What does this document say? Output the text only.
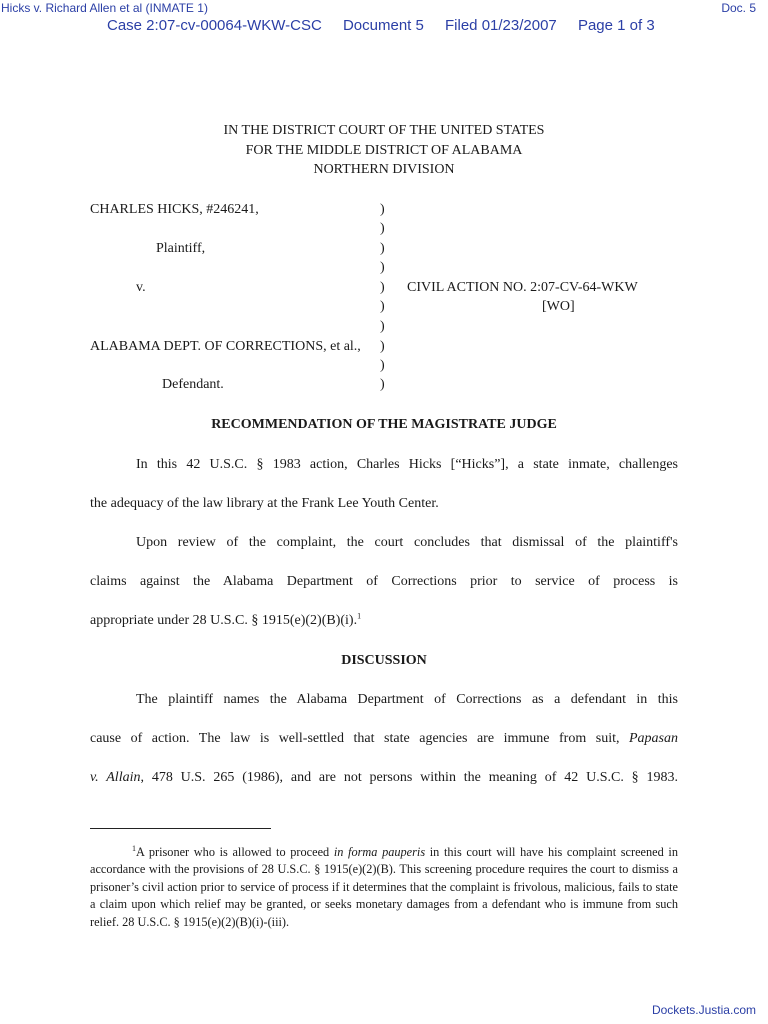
Hicks v. Richard Allen et al (INMATE 1)	Doc. 5
Case 2:07-cv-00064-WKW-CSC Document 5 Filed 01/23/2007 Page 1 of 3
IN THE DISTRICT COURT OF THE UNITED STATES
FOR THE MIDDLE DISTRICT OF ALABAMA
NORTHERN DIVISION
CHARLES HICKS, #246241,
Plaintiff,
v.
ALABAMA DEPT. OF CORRECTIONS, et al.,
Defendant.
)
)
)
)
)
)
)
)
)
)
CIVIL ACTION NO. 2:07-CV-64-WKW
[WO]
RECOMMENDATION OF THE MAGISTRATE JUDGE
In this 42 U.S.C. § 1983 action, Charles Hicks [“Hicks”], a state inmate, challenges
the adequacy of the law library at the Frank Lee Youth Center.
Upon review of the complaint, the court concludes that dismissal of the plaintiff's
claims against the Alabama Department of Corrections prior to service of process is
appropriate under 28 U.S.C. § 1915(e)(2)(B)(i).$^1$
DISCUSSION
The plaintiff names the Alabama Department of Corrections as a defendant in this
cause of action. The law is well-settled that state agencies are immune from suit, Papasan
v. Allain, 478 U.S. 265 (1986), and are not persons within the meaning of 42 U.S.C. § 1983.
$^1$A prisoner who is allowed to proceed in forma pauperis in this court will have his complaint screened in accordance with the provisions of 28 U.S.C. § 1915(e)(2)(B). This screening procedure requires the court to dismiss a prisoner’s civil action prior to service of process if it determines that the complaint is frivolous, malicious, fails to state a claim upon which relief may be granted, or seeks monetary damages from a defendant who is immune from such relief. 28 U.S.C. § 1915(e)(2)(B)(i)-(iii).
Dockets.Justia.com
